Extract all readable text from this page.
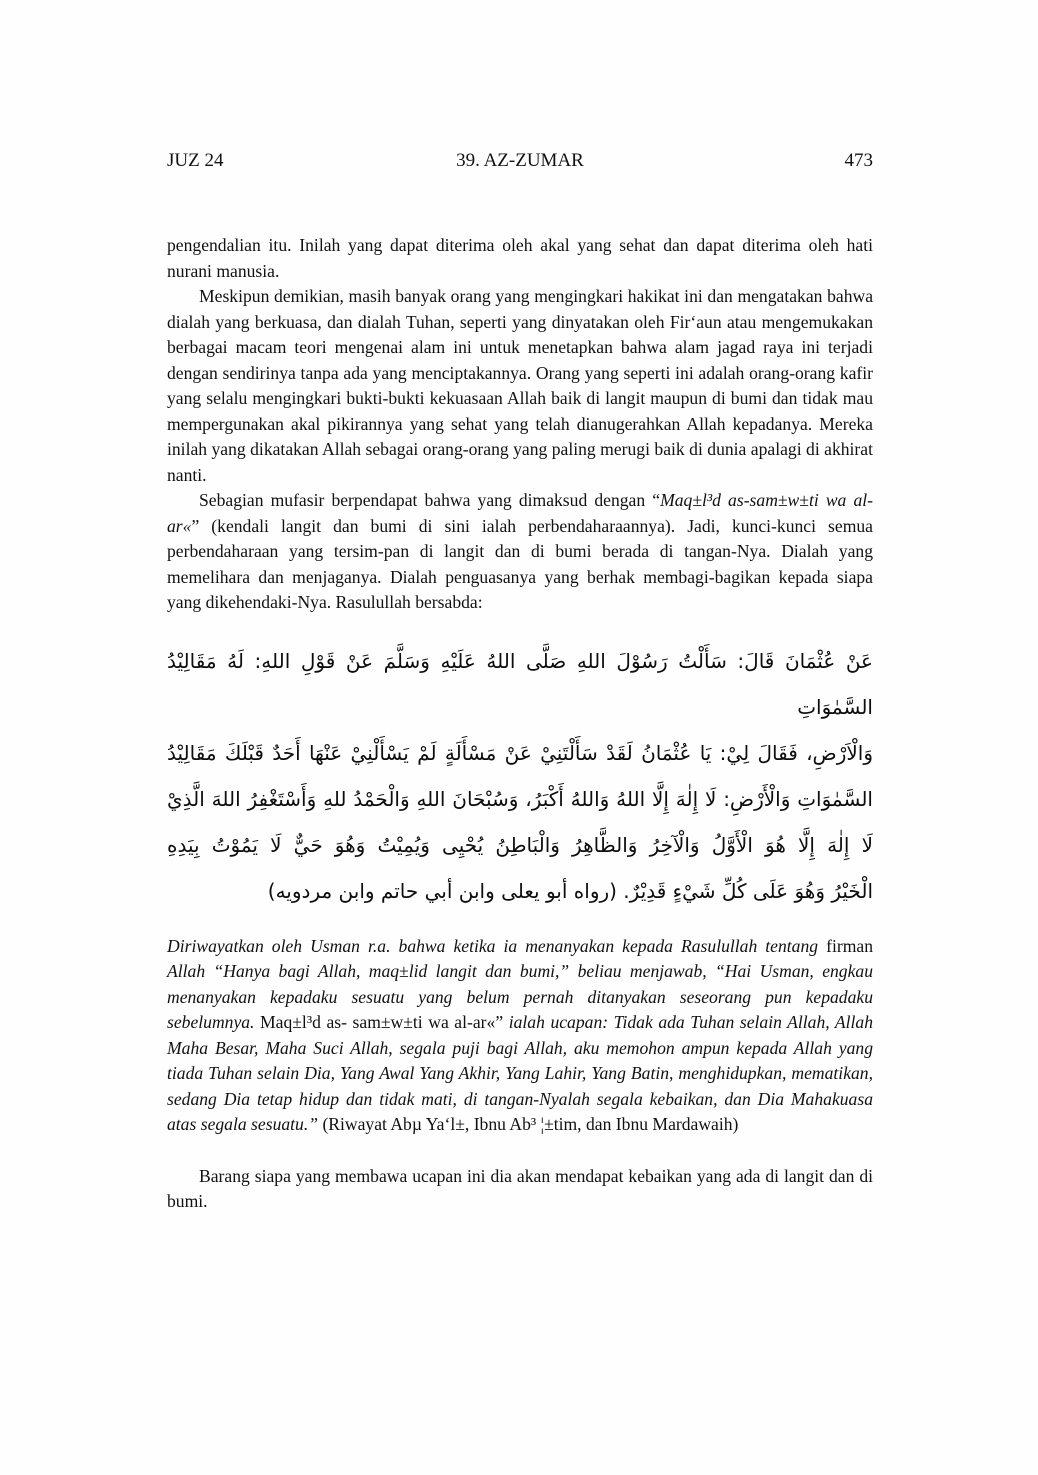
JUZ 24	39. AZ-ZUMAR	473

pengendalian itu. Inilah yang dapat diterima oleh akal yang sehat dan dapat diterima oleh hati nurani manusia.

Meskipun demikian, masih banyak orang yang mengingkari hakikat ini dan mengatakan bahwa dialah yang berkuasa, dan dialah Tuhan, seperti yang dinyatakan oleh Fir‘aun atau mengemukakan berbagai macam teori mengenai alam ini untuk menetapkan bahwa alam jagad raya ini terjadi dengan sendirinya tanpa ada yang menciptakannya. Orang yang seperti ini adalah orang-orang kafir yang selalu mengingkari bukti-bukti kekuasaan Allah baik di langit maupun di bumi dan tidak mau mempergunakan akal pikirannya yang sehat yang telah dianugerahkan Allah kepadanya. Mereka inilah yang dikatakan Allah sebagai orang-orang yang paling merugi baik di dunia apalagi di akhirat nanti.

Sebagian mufasir berpendapat bahwa yang dimaksud dengan “Maq±l³d as-sam±w±ti wa al-ar«” (kendali langit dan bumi di sini ialah perbendaharaannya). Jadi, kunci-kunci semua perbendaharaan yang tersim-pan di langit dan di bumi berada di tangan-Nya. Dialah yang memelihara dan menjaganya. Dialah penguasanya yang berhak membagi-bagikan kepada siapa yang dikehendaki-Nya. Rasulullah bersabda:

عَنْ عُثْمَانَ قَالَ: سَأَلْتُ رَسُوْلَ اللهِ صَلَّى اللهُ عَلَيْهِ وَسَلَّمَ عَنْ قَوْلِ اللهِ: لَهُ مَقَالِيْدُ السَّمٰوَاتِ
وَالْاَرْضِ، فَقَالَ لِيْ: يَا عُثْمَانُ لَقَدْ سَأَلْتَنِيْ عَنْ مَسْأَلَةٍ لَمْ يَسْأَلْنِيْ عَنْهَا أَحَدٌ قَبْلَكَ مَقَالِيْدُ
السَّمٰوَاتِ وَالْأَرْضِ: لَا إِلٰهَ إِلَّا اللهُ وَاللهُ أَكْبَرُ، وَسُبْحَانَ اللهِ وَالْحَمْدُ للهِ وَأَسْتَغْفِرُ اللهَ الَّذِيْ
لَا إِلٰهَ إِلَّا هُوَ الْأَوَّلُ وَالْآخِرُ وَالظَّاهِرُ وَالْبَاطِنُ يُحْيِى وَيُمِيْتُ وَهُوَ حَيٌّ لَا يَمُوْتُ بِيَدِهِ
الْخَيْرُ وَهُوَ عَلَى كُلِّ شَيْءٍ قَدِيْرٌ. (رواه أبو يعلى وابن أبي حاتم وابن مردويه)

Diriwayatkan oleh Usman r.a. bahwa ketika ia menanyakan kepada Rasulullah tentang firman Allah “Hanya bagi Allah, maq±lid langit dan bumi,” beliau menjawab, “Hai Usman, engkau menanyakan kepadaku sesuatu yang belum pernah ditanyakan seseorang pun kepadaku sebelumnya. Maq±l³d as- sam±w±ti wa al-ar«” ialah ucapan: Tidak ada Tuhan selain Allah, Allah Maha Besar, Maha Suci Allah, segala puji bagi Allah, aku memohon ampun kepada Allah yang tiada Tuhan selain Dia, Yang Awal Yang Akhir, Yang Lahir, Yang Batin, menghidupkan, mematikan, sedang Dia tetap hidup dan tidak mati, di tangan-Nyalah segala kebaikan, dan Dia Mahakuasa atas segala sesuatu.” (Riwayat Abµ Ya‘l±, Ibnu Ab³ ¦±tim, dan Ibnu Mardawaih)

Barang siapa yang membawa ucapan ini dia akan mendapat kebaikan yang ada di langit dan di bumi.
